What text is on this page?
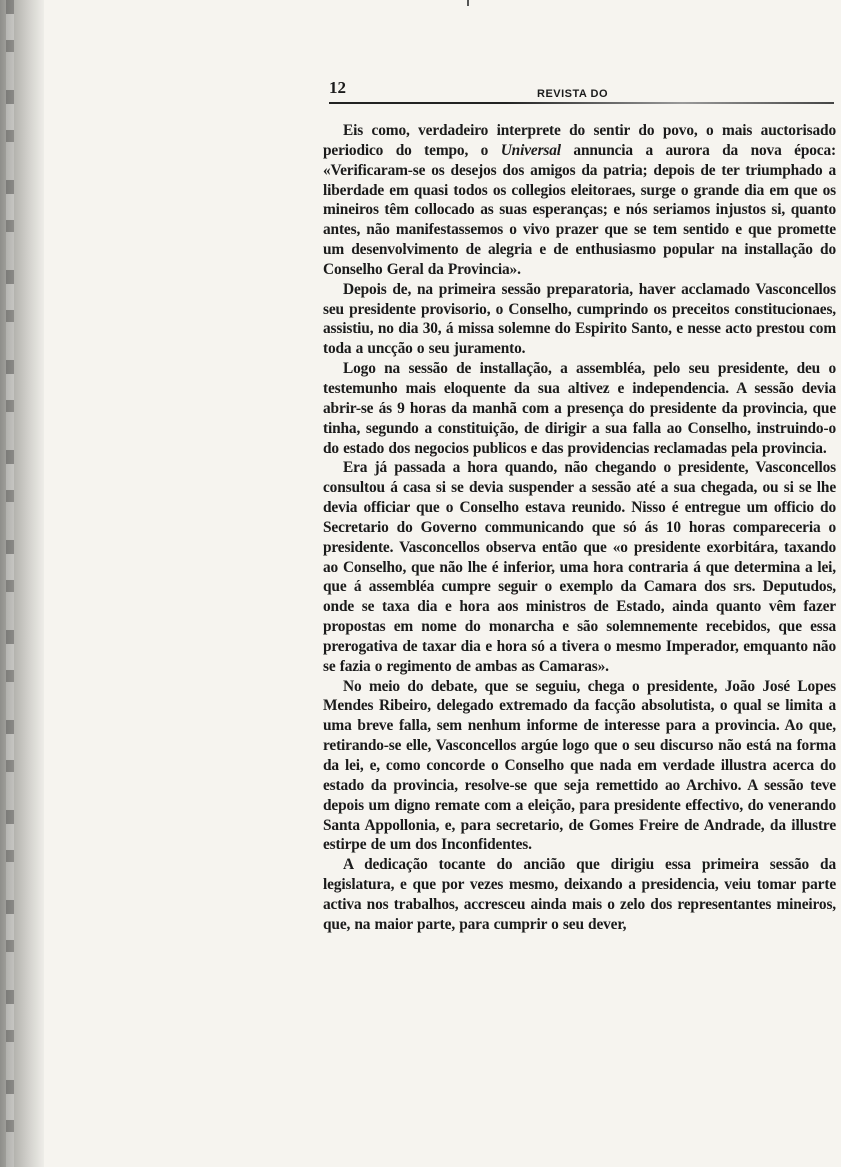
12	REVISTA DO

Eis como, verdadeiro interprete do sentir do povo, o mais auctorisado periodico do tempo, o Universal annuncia a aurora da nova época: «Verificaram-se os desejos dos amigos da patria; depois de ter triumphado a liberdade em quasi todos os collegios eleitoraes, surge o grande dia em que os mineiros têm collocado as suas esperanças; e nós seriamos injustos si, quanto antes, não manifestassemos o vivo prazer que se tem sentido e que promette um desenvolvimento de alegria e de enthusiasmo popular na installação do Conselho Geral da Provincia».

Depois de, na primeira sessão preparatoria, haver acclamado Vasconcellos seu presidente provisorio, o Conselho, cumprindo os preceitos constitucionaes, assistiu, no dia 30, á missa solemne do Espirito Santo, e nesse acto prestou com toda a uncção o seu juramento.

Logo na sessão de installação, a assembléa, pelo seu presidente, deu o testemunho mais eloquente da sua altivez e independencia. A sessão devia abrir-se ás 9 horas da manhã com a presença do presidente da provincia, que tinha, segundo a constituição, de dirigir a sua falla ao Conselho, instruindo-o do estado dos negocios publicos e das providencias reclamadas pela provincia.

Era já passada a hora quando, não chegando o presidente, Vasconcellos consultou á casa si se devia suspender a sessão até a sua chegada, ou si se lhe devia officiar que o Conselho estava reunido. Nisso é entregue um officio do Secretario do Governo communicando que só ás 10 horas compareceria o presidente. Vasconcellos observa então que «o presidente exorbitára, taxando ao Conselho, que não lhe é inferior, uma hora contraria á que determina a lei, que á assembléa cumpre seguir o exemplo da Camara dos srs. Deputudos, onde se taxa dia e hora aos ministros de Estado, ainda quanto vêm fazer propostas em nome do monarcha e são solemnemente recebidos, que essa prerogativa de taxar dia e hora só a tivera o mesmo Imperador, emquanto não se fazia o regimento de ambas as Camaras».

No meio do debate, que se seguiu, chega o presidente, João José Lopes Mendes Ribeiro, delegado extremado da facção absolutista, o qual se limita a uma breve falla, sem nenhum informe de interesse para a provincia. Ao que, retirando-se elle, Vasconcellos argúe logo que o seu discurso não está na forma da lei, e, como concorde o Conselho que nada em verdade illustra acerca do estado da provincia, resolve-se que seja remettido ao Archivo. A sessão teve depois um digno remate com a eleição, para presidente effectivo, do venerando Santa Appollonia, e, para secretario, de Gomes Freire de Andrade, da illustre estirpe de um dos Inconfidentes.

A dedicação tocante do ancião que dirigiu essa primeira sessão da legislatura, e que por vezes mesmo, deixando a presidencia, veiu tomar parte activa nos trabalhos, accresceu ainda mais o zelo dos representantes mineiros, que, na maior parte, para cumprir o seu dever,
